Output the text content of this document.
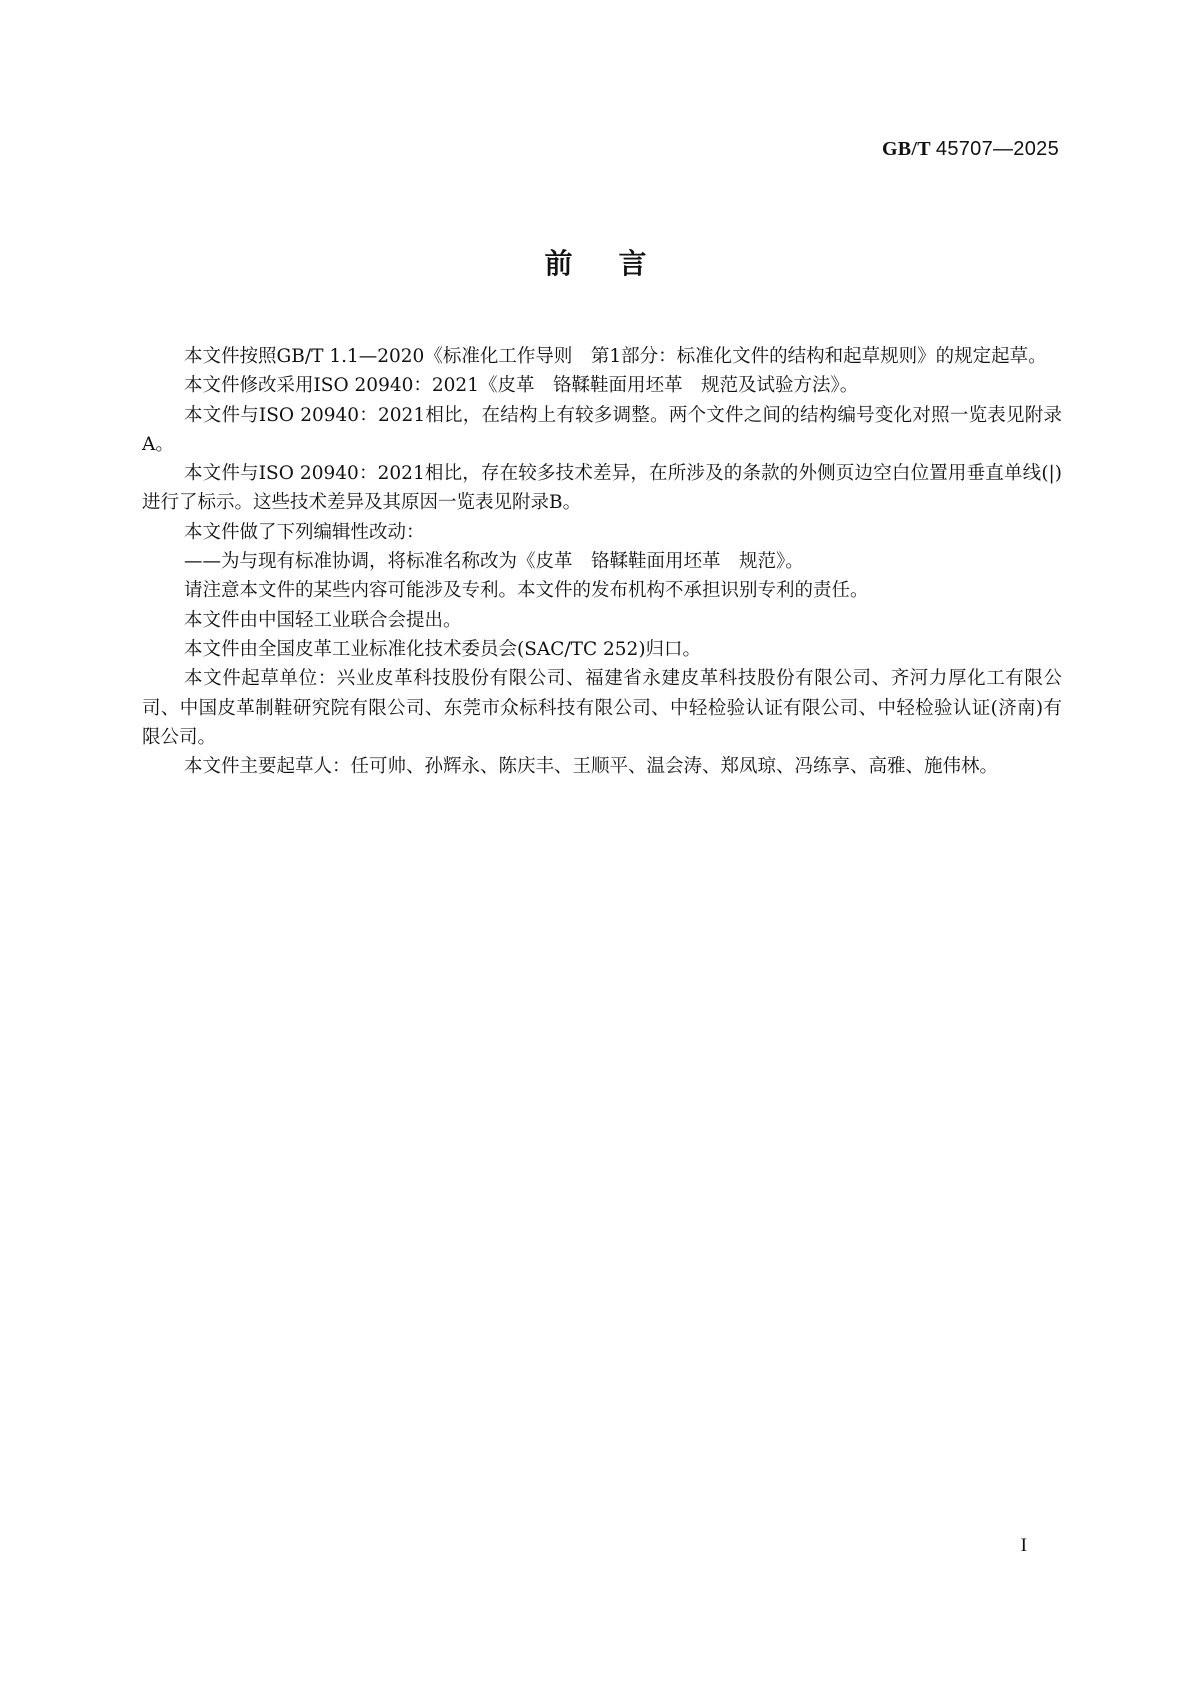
GB/T 45707—2025
前言

本文件按照GB/T 1.1—2020《标准化工作导则　第1部分：标准化文件的结构和起草规则》的规定起草。

本文件修改采用ISO 20940：2021《皮革　铬鞣鞋面用坯革　规范及试验方法》。

本文件与ISO 20940：2021相比，在结构上有较多调整。两个文件之间的结构编号变化对照一览表见附录A。

本文件与ISO 20940：2021相比，存在较多技术差异，在所涉及的条款的外侧页边空白位置用垂直单线(|)进行了标示。这些技术差异及其原因一览表见附录B。

本文件做了下列编辑性改动：

——为与现有标准协调，将标准名称改为《皮革　铬鞣鞋面用坯革　规范》。

请注意本文件的某些内容可能涉及专利。本文件的发布机构不承担识别专利的责任。

本文件由中国轻工业联合会提出。

本文件由全国皮革工业标准化技术委员会(SAC/TC 252)归口。

本文件起草单位：兴业皮革科技股份有限公司、福建省永建皮革科技股份有限公司、齐河力厚化工有限公司、中国皮革制鞋研究院有限公司、东莞市众标科技有限公司、中轻检验认证有限公司、中轻检验认证(济南)有限公司。

本文件主要起草人：任可帅、孙辉永、陈庆丰、王顺平、温会涛、郑凤琼、冯练享、高雅、施伟林。

I
